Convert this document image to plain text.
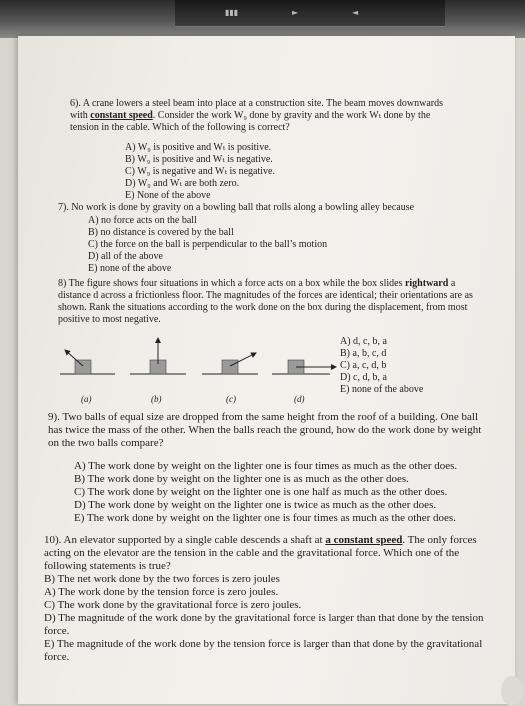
▮▮▮	►	◄

6). A crane lowers a steel beam into place at a construction site. The beam moves downwards with constant speed. Consider the work W₉ done by gravity and the work Wₜ done by the tension in the cable. Which of the following is correct?

A) W₉ is positive and Wₜ is positive.
B) W₉ is positive and Wₜ is negative.
C) W₉ is negative and Wₜ is negative.
D) W₉ and Wₜ are both zero.
E) None of the above

7). No work is done by gravity on a bowling ball that rolls along a bowling alley because

A) no force acts on the ball
B) no distance is covered by the ball
C) the force on the ball is perpendicular to the ball’s motion
D) all of the above
E) none of the above

8) The figure shows four situations in which a force acts on a box while the box slides rightward a distance d across a frictionless floor. The magnitudes of the forces are identical; their orientations are as shown. Rank the situations according to the work done on the box during the displacement, from most positive to most negative.

A) d, c, b, a
B) a, b, c, d
C) a, c, d, b
D) c, d, b, a
E) none of the above
(a)	(b)	(c)	(d)

9). Two balls of equal size are dropped from the same height from the roof of a building. One ball has twice the mass of the other. When the balls reach the ground, how do the work done by weight on the two balls compare?

A) The work done by weight on the lighter one is four times as much as the other does.
B) The work done by weight on the lighter one is as much as the other does.
C) The work done by weight on the lighter one is one half as much as the other does.
D) The work done by weight on the lighter one is twice as much as the other does.
E) The work done by weight on the lighter one is four times as much as the other does.

10). An elevator supported by a single cable descends a shaft at a constant speed. The only forces acting on the elevator are the tension in the cable and the gravitational force. Which one of the following statements is true?

B) The net work done by the two forces is zero joules
A) The work done by the tension force is zero joules.
C) The work done by the gravitational force is zero joules.
D) The magnitude of the work done by the gravitational force is larger than that done by the tension force.
E) The magnitude of the work done by the tension force is larger than that done by the gravitational force.
